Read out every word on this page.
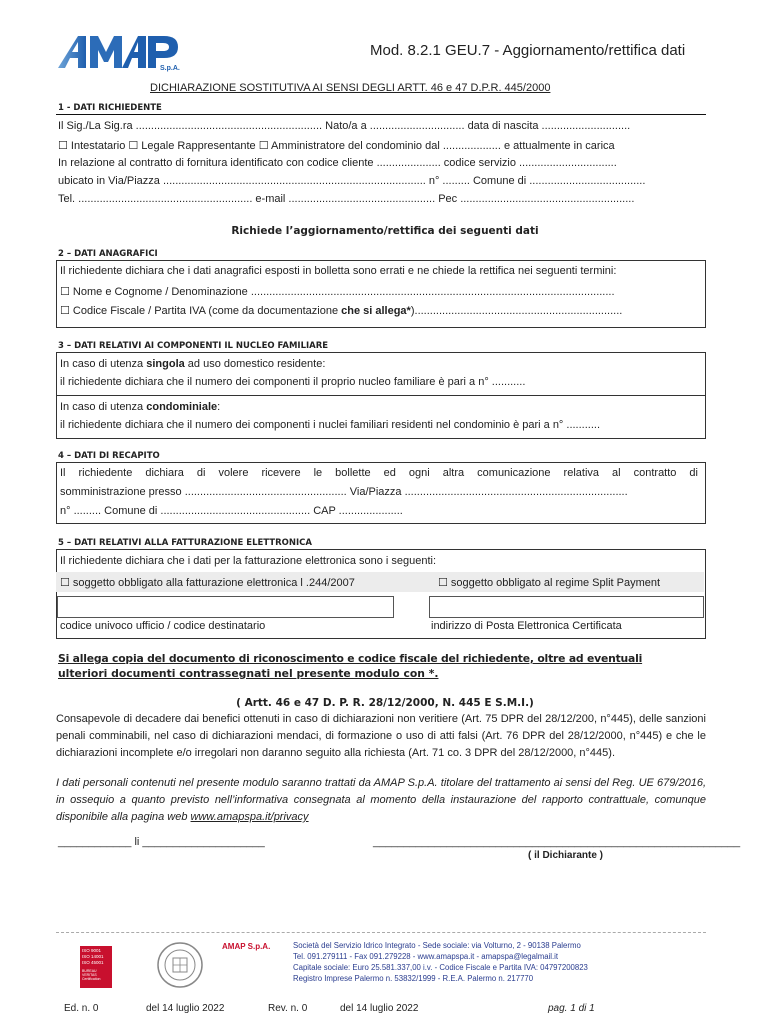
S.p.A.
Mod. 8.2.1 GEU.7 - Aggiornamento/rettifica dati
DICHIARAZIONE SOSTITUTIVA AI SENSI DEGLI ARTT. 46 e 47 D.P.R. 445/2000
1 - DATI RICHIEDENTE
Il Sig./La Sig.ra ............................................................. Nato/a a ............................... data di nascita .............................
☐ Intestatario ☐ Legale Rappresentante ☐ Amministratore del condominio dal ................... e attualmente in carica
In relazione al contratto di fornitura identificato con codice cliente ..................... codice servizio ................................
ubicato in Via/Piazza ...................................................................................... n° ......... Comune di ......................................
Tel. ......................................................... e-mail ................................................ Pec .........................................................
Richiede l’aggiornamento/rettifica dei seguenti dati
2 – DATI ANAGRAFICI
Il richiedente dichiara che i dati anagrafici esposti in bolletta sono errati e ne chiede la rettifica nei seguenti termini:
☐ Nome e Cognome / Denominazione .......................................................................................................................
☐ Codice Fiscale / Partita IVA (come da documentazione che si allega*)....................................................................
3 – DATI RELATIVI AI COMPONENTI IL NUCLEO FAMILIARE
In caso di utenza singola ad uso domestico residente:
il richiedente dichiara che il numero dei componenti il proprio nucleo familiare è pari a n° ...........
In caso di utenza condominiale:
il richiedente dichiara che il numero dei componenti i nuclei familiari residenti nel condominio è pari a n° ...........
4 – DATI DI RECAPITO
Il richiedente dichiara di volere ricevere le bollette ed ogni altra comunicazione relativa al contratto di
somministrazione presso ..................................................... Via/Piazza .........................................................................
n° ......... Comune di ................................................. CAP .....................
5 – DATI RELATIVI ALLA FATTURAZIONE ELETTRONICA
Il richiedente dichiara che i dati per la fatturazione elettronica sono i seguenti:
☐ soggetto obbligato alla fatturazione elettronica l .244/2007	☐ soggetto obbligato al regime Split Payment
codice univoco ufficio / codice destinatario	indirizzo di Posta Elettronica Certificata
Si allega copia del documento di riconoscimento e codice fiscale del richiedente, oltre ad eventuali
ulteriori documenti contrassegnati nel presente modulo con *.
( Artt. 46 e 47 D. P. R. 28/12/2000, N. 445 E S.M.I.)
Consapevole di decadere dai benefici ottenuti in caso di dichiarazioni non veritiere (Art. 75 DPR del 28/12/200, n°445), delle sanzioni penali comminabili, nel caso di dichiarazioni mendaci, di formazione o uso di atti falsi (Art. 76 DPR del 28/12/2000, n°445) e che le dichiarazioni incomplete e/o irregolari non daranno seguito alla richiesta (Art. 71 co. 3 DPR del 28/12/2000, n°445).
I dati personali contenuti nel presente modulo saranno trattati da AMAP S.p.A. titolare del trattamento ai sensi del Reg. UE 679/2016, in ossequio a quanto previsto nell’informativa consegnata al momento della instaurazione del rapporto contrattuale, comunque disponibile alla pagina web www.amapspa.it/privacy
____________ li ____________________	____________________________________________________________
( il Dichiarante )
ISO 9001
ISO 14001
ISO 45001
BUREAU VERITAS Certification
AMAP S.p.A.	Società del Servizio Idrico Integrato - Sede sociale: via Volturno, 2 - 90138 Palermo
Tel. 091.279111 - Fax 091.279228 - www.amapspa.it - amapspa@legalmail.it
Capitale sociale: Euro 25.581.337,00 i.v. - Codice Fiscale e Partita IVA: 04797200823
Registro Imprese Palermo n. 53832/1999 - R.E.A. Palermo n. 217770
Ed. n. 0	del 14 luglio 2022	Rev. n. 0	del 14 luglio 2022	pag. 1 di 1
